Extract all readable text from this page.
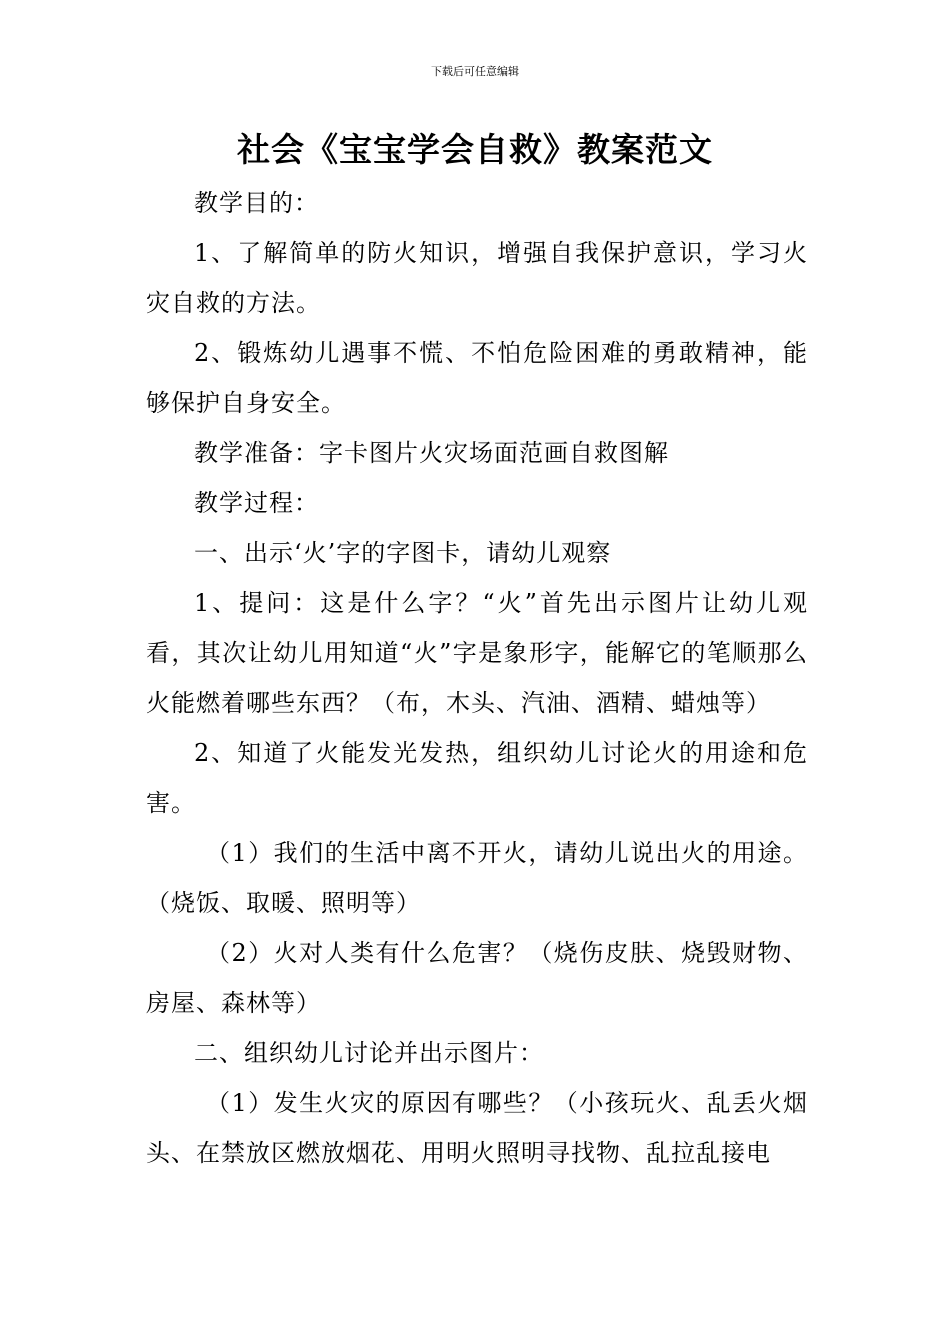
下载后可任意编辑
社会《宝宝学会自救》教案范文

教学目的：

1、了解简单的防火知识，增强自我保护意识，学习火灾自救的方法。

2、锻炼幼儿遇事不慌、不怕危险困难的勇敢精神，能够保护自身安全。

教学准备：字卡图片火灾场面范画自救图解

教学过程：

一、出示‘火’字的字图卡，请幼儿观察

1、提问：这是什么字？“火”首先出示图片让幼儿观看，其次让幼儿用知道“火”字是象形字，能解它的笔顺那么火能燃着哪些东西？（布，木头、汽油、酒精、蜡烛等）

2、知道了火能发光发热，组织幼儿讨论火的用途和危害。

（1）我们的生活中离不开火，请幼儿说出火的用途。（烧饭、取暖、照明等）

（2）火对人类有什么危害？（烧伤皮肤、烧毁财物、房屋、森林等）

二、组织幼儿讨论并出示图片：

（1）发生火灾的原因有哪些？（小孩玩火、乱丢火烟头、在禁放区燃放烟花、用明火照明寻找物、乱拉乱接电
